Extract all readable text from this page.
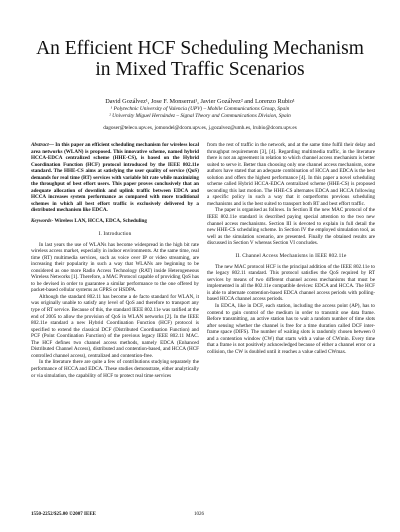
An Efficient HCF Scheduling Mechanism
in Mixed Traffic Scenarios
David Gozálvez¹, Jose F. Monserrat¹, Javier Gozálvez² and Lorenzo Rubio¹
¹ Polytechnic University of Valencia (UPV) – Mobile Communications Group, Spain
² University Miguel Hernández – Signal Theory and Communications Division, Spain
dagoser@teleco.upv.es, jomondel@dcom.upv.es, j.gozalvez@umh.es, lrubio@dcom.upv.es

Abstract— In this paper an efficient scheduling mechanism for wireless local area networks (WLAN) is proposed. This innovative scheme, named hybrid HCCA-EDCA centralized scheme (HHE-CS), is based on the Hybrid Coordination Function (HCF) protocol introduced by the IEEE 802.11e standard. The HHE-CS aims at satisfying the user quality of service (QoS) demands for real time (RT) services with variable bit rate while maximizing the throughput of best effort users. This paper proves conclusively that an adequate allocation of downlink and uplink traffic between EDCA and HCCA increases system performance as compared with more traditional schemes in which all best effort traffic is exclusively delivered by a distributed mechanism like EDCA.

Keywords- Wireless LAN, HCCA, EDCA, Scheduling

I. Introduction

In last years the use of WLANs has become widespread in the high bit rate wireless access market, especially in indoor environments. At the same time, real time (RT) multimedia services, such as voice over IP or video streaming, are increasing their popularity in such a way that WLANs are beginning to be considered as one more Radio Access Technology (RAT) inside Heterogeneous Wireless Networks [1]. Therefore, a MAC Protocol capable of providing QoS has to be devised in order to guarantee a similar performance to the one offered by packet-based cellular systems as GPRS or HSDPA.

Although the standard 802.11 has become a de facto standard for WLAN, it was originally unable to satisfy any level of QoS and therefore to transport any type of RT service. Because of this, the standard IEEE 802.11e was ratified at the end of 2005 to allow the provision of QoS in WLAN networks [2]. In the IEEE 802.11e standard a new Hybrid Coordination Function (HCF) protocol is specified to extend the classical DCF (Distributed Coordination Function) and PCF (Point Coordination Function) of the previous legacy IEEE 802.11 MAC. The HCF defines two channel access methods, namely EDCA (Enhanced Distributed Channel Access), distributed and contention-based, and HCCA (HCF controlled channel access), centralized and contention-free.

In the literature there are quite a few of contributions studying separately the performance of HCCA and EDCA. These studies demonstrate, either analytically or via simulation, the capability of HCF to protect real time services

from the rest of traffic in the network, and at the same time fulfil their delay and throughput requirements [3], [4]. Regarding multimedia traffic, in the literature there is not an agreement in relation to which channel access mechanism is better suited to serve it. Better than choosing only one channel access mechanism, some authors have stated that an adequate combination of HCCA and EDCA is the best solution and offers the highest performance [4]. In this paper a novel scheduling scheme called Hybrid HCCA-EDCA centralized scheme (HHE-CS) is proposed seconding this last motion. The HHE-CS alternates EDCA and HCCA following a specific policy in such a way that it outperforms previous scheduling mechanisms and is the best suited to transport both RT and best effort traffic.

The paper is organised as follows. In Section II the new MAC protocol of the IEEE 802.11e standard is described paying special attention to the two new channel access mechanisms. Section III is devoted to explain in full detail the new HHE-CS scheduling scheme. In Section IV the employed simulation tool, as well as the simulation scenario, are presented. Finally the obtained results are discussed in Section V whereas Section VI concludes.

II. Channel Access Mechanisms in IEEE 802.11e

The new MAC protocol HCF is the principal addition of the IEEE 802.11e to the legacy 802.11 standard. This protocol satisfies the QoS required by RT services by means of two different channel access mechanisms that must be implemented in all the 802.11e compatible devices: EDCA and HCCA. The HCF is able to alternate contention-based EDCA channel access periods with polling-based HCCA channel access periods.

In EDCA, like in DCF, each station, including the access point (AP), has to contend to gain control of the medium in order to transmit one data frame. Before transmitting, an active station has to wait a random number of time slots after sensing whether the channel is free for a time duration called DCF inter-frame space (DIFS). The number of waiting slots is randomly chosen between 0 and a contention window (CW) that starts with a value of CWmin. Every time that a frame is not positively acknowledged because of either a channel error or a collision, the CW is doubled until it reaches a value called CWmax.

1550-2252/$25.00 ©2007 IEEE	1026
